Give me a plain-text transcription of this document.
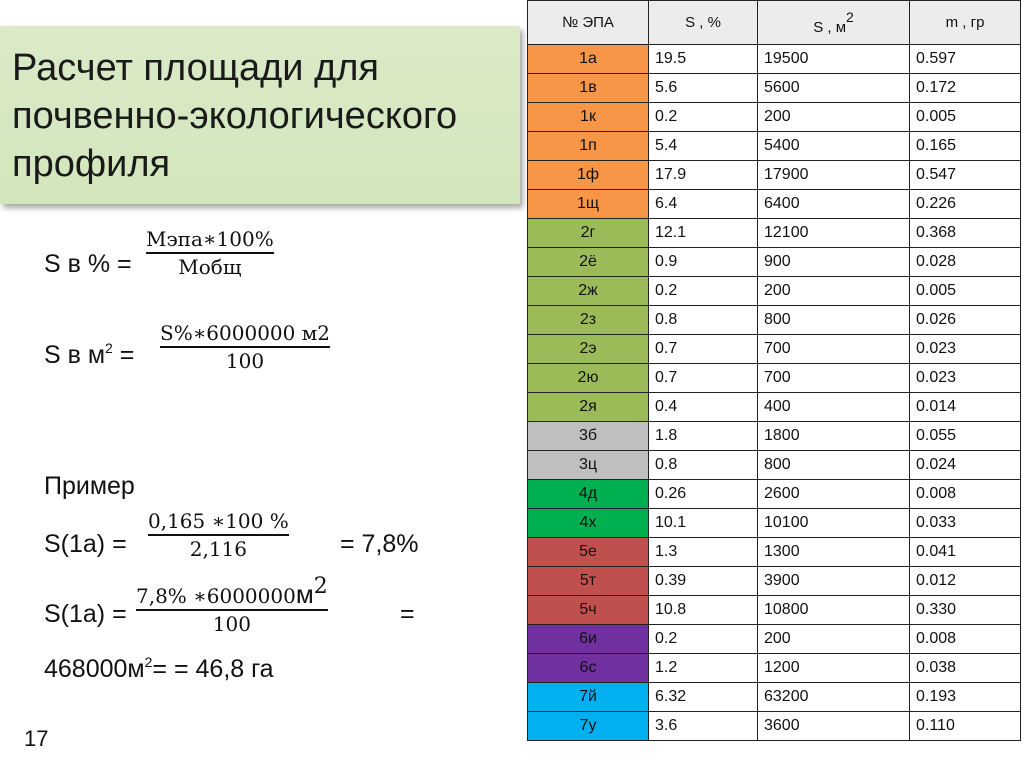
Расчет площади для
почвенно-экологического
профиля
S в % =
Мэпа∗100%
Мобщ
S в $м^2$ =
S%∗6000000 м2
100
Пример
S(1а) =
0,165 ∗100 %
2,116	= 7,8%
S(1а) =
7,8% $∗6000000м^2$
100	=
$468000м^2= = 46,8$ га
17
№ ЭПА	S , %	S , $м^2$	m , гр
1а	19.5	19500	0.597
1в	5.6	5600	0.172
1к	0.2	200	0.005
1п	5.4	5400	0.165
1ф	17.9	17900	0.547
1щ	6.4	6400	0.226
2г	12.1	12100	0.368
2ё	0.9	900	0.028
2ж	0.2	200	0.005
2з	0.8	800	0.026
2э	0.7	700	0.023
2ю	0.7	700	0.023
2я	0.4	400	0.014
3б	1.8	1800	0.055
3ц	0.8	800	0.024
4д	0.26	2600	0.008
4х	10.1	10100	0.033
5е	1.3	1300	0.041
5т	0.39	3900	0.012
5ч	10.8	10800	0.330
6и	0.2	200	0.008
6с	1.2	1200	0.038
7й	6.32	63200	0.193
7у	3.6	3600	0.110
